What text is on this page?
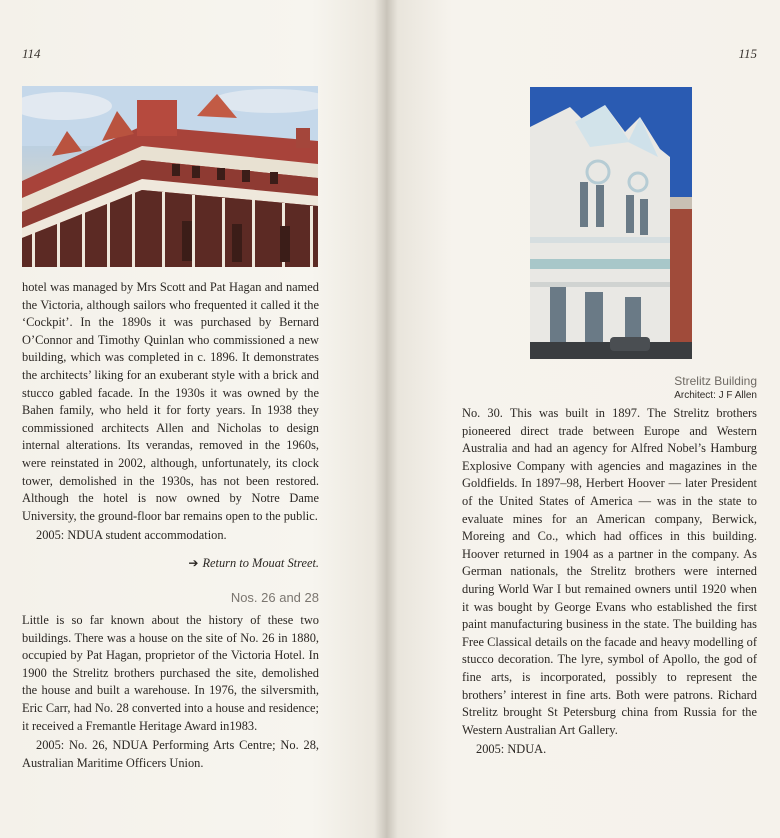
114

hotel was managed by Mrs Scott and Pat Hagan and named the Victoria, although sailors who frequented it called it the ‘Cockpit’. In the 1890s it was purchased by Bernard O’Connor and Timothy Quinlan who commissioned a new building, which was completed in c. 1896. It demonstrates the architects’ liking for an exuberant style with a brick and stucco gabled facade. In the 1930s it was owned by the Bahen family, who held it for forty years. In 1938 they commissioned architects Allen and Nicholas to design internal alterations. Its verandas, removed in the 1960s, were reinstated in 2002, although, unfortunately, its clock tower, demolished in the 1930s, has not been restored. Although the hotel is now owned by Notre Dame University, the ground-floor bar remains open to the public.

2005: NDUA student accommodation.

➔ Return to Mouat Street.
Nos. 26 and 28

Little is so far known about the history of these two buildings. There was a house on the site of No. 26 in 1880, occupied by Pat Hagan, proprietor of the Victoria Hotel. In 1900 the Strelitz brothers purchased the site, demolished the house and built a warehouse. In 1976, the silversmith, Eric Carr, had No. 28 converted into a house and residence; it received a Fremantle Heritage Award in1983.

2005: No. 26, NDUA Performing Arts Centre; No. 28, Australian Maritime Officers Union.

115
Strelitz Building
Architect: J F Allen

No. 30. This was built in 1897. The Strelitz brothers pioneered direct trade between Europe and Western Australia and had an agency for Alfred Nobel’s Hamburg Explosive Company with agencies and magazines in the Goldfields. In 1897–98, Herbert Hoover — later President of the United States of America — was in the state to evaluate mines for an American company, Berwick, Moreing and Co., which had offices in this building. Hoover returned in 1904 as a partner in the company. As German nationals, the Strelitz brothers were interned during World War I but remained owners until 1920 when it was bought by George Evans who established the first paint manufacturing business in the state. The building has Free Classical details on the facade and heavy modelling of stucco decoration. The lyre, symbol of Apollo, the god of fine arts, is incorporated, possibly to represent the brothers’ interest in fine arts. Both were patrons. Richard Strelitz brought St Petersburg china from Russia for the Western Australian Art Gallery.

2005: NDUA.
